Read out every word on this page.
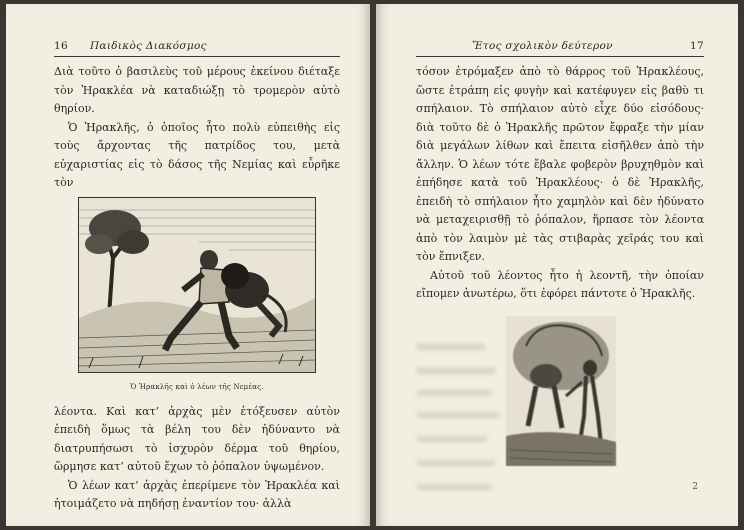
16	Παιδικὸς Διακόσμος

Διὰ τοῦτο ὁ βασιλεὺς τοῦ μέρους ἐκείνου διέταξε τὸν Ἡρακλέα νὰ καταδιώξῃ τὸ τρομερὸν αὐτὸ θηρίον.

Ὁ Ἡρακλῆς, ὁ ὁποῖος ἦτο πολὺ εὐπειθὴς εἰς τοὺς ἄρχοντας τῆς πατρίδος του, μετὰ εὐχαριστίας εἰς τὸ δάσος τῆς Νεμίας καὶ εὗρῆκε τὸν

Ὁ Ἡρακλῆς καὶ ὁ λέων τῆς Νεμέας.

λέοντα. Καὶ κατ’ ἀρχὰς μὲν ἐτόξευσεν αὐτὸν ἐπειδὴ ὅμως τὰ βέλη του δὲν ἠδύναντο νὰ διατρυπήσωσι τὸ ἰσχυρὸν δέρμα τοῦ θηρίου, ὥρμησε κατ’ αὐτοῦ ἔχων τὸ ῥόπαλον ὑψωμένον.

Ὁ λέων κατ’ ἀρχὰς ἐπερίμενε τὸν Ἡρακλέα καὶ ἡτοιμάζετο νὰ πηδήσῃ ἐναντίον του· ἀλλὰ

Ἔτος σχολικὸν δεύτερον	17

τόσον ἐτρόμαξεν ἀπὸ τὸ θάρρος τοῦ Ἡρακλέους, ὥστε ἐτράπη εἰς φυγὴν καὶ κατέφυγεν εἰς βαθὺ τι σπήλαιον. Τὸ σπήλαιον αὐτὸ εἶχε δύο εἰσόδους· διὰ τοῦτο δὲ ὁ Ἡρακλῆς πρῶτον ἔφραξε τὴν μίαν διὰ μεγάλων λίθων καὶ ἔπειτα εἰσῆλθεν ἀπὸ τὴν ἄλλην. Ὁ λέων τότε ἔβαλε φοβερὸν βρυχηθμὸν καὶ ἐπήδησε κατὰ τοῦ Ἡρακλέους· ὁ δὲ Ἡρακλῆς, ἐπειδὴ τὸ σπήλαιον ἦτο χαμηλὸν καὶ δὲν ἠδύνατο νὰ μεταχειρισθῇ τὸ ῥόπαλον, ἥρπασε τὸν λέοντα ἀπὸ τὸν λαιμὸν μὲ τὰς στιβαρὰς χεῖράς του καὶ τὸν ἔπνιξεν.

Αὐτοῦ τοῦ λέοντος ἦτο ἡ λεοντῆ, τὴν ὁποίαν εἴπομεν ἀνωτέρω, ὅτι ἐφόρει πάντοτε ὁ Ἡρακλῆς.

2
